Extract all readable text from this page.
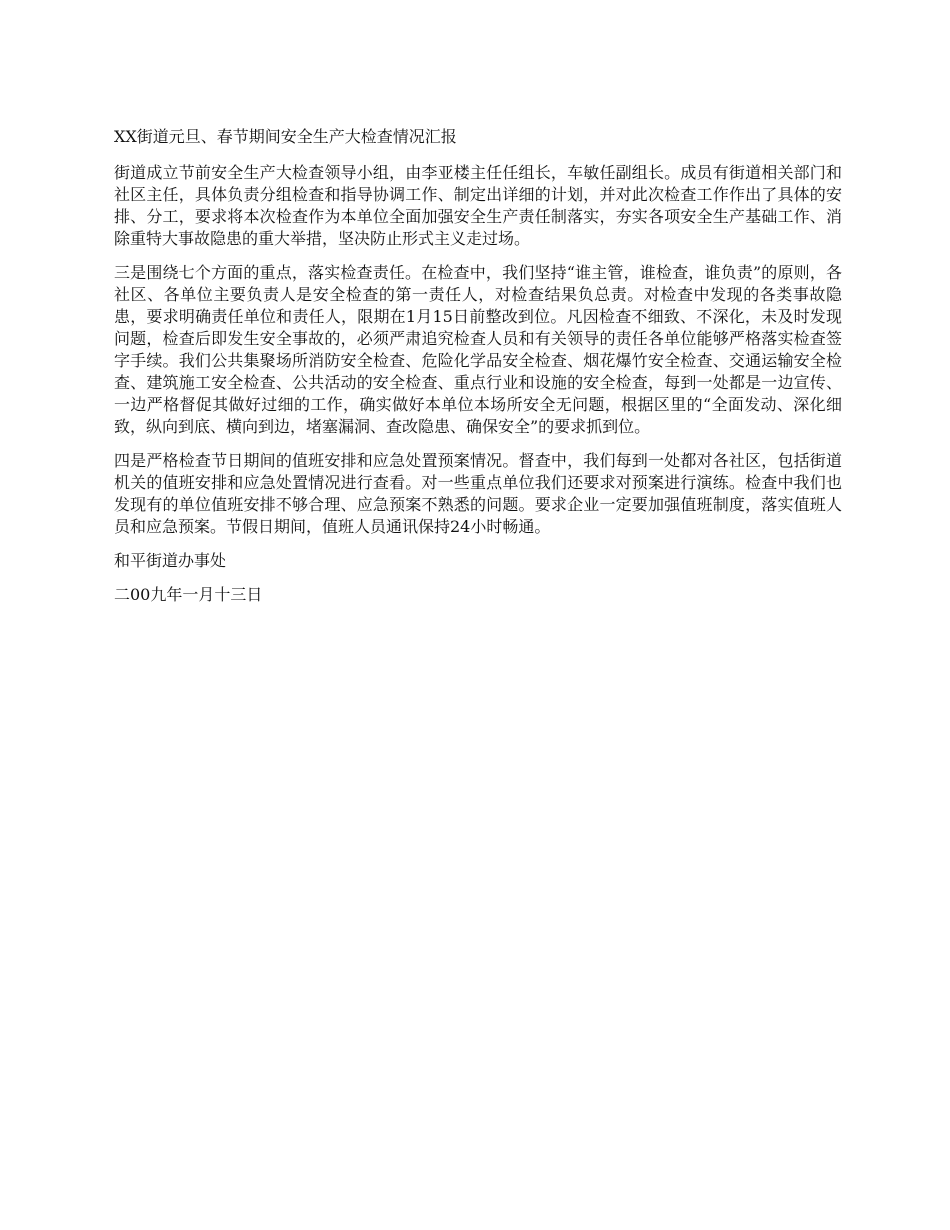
XX街道元旦、春节期间安全生产大检查情况汇报

街道成立节前安全生产大检查领导小组，由李亚楼主任任组长，车敏任副组长。成员有街道相关部门和社区主任，具体负责分组检查和指导协调工作、制定出详细的计划，并对此次检查工作作出了具体的安排、分工，要求将本次检查作为本单位全面加强安全生产责任制落实，夯实各项安全生产基础工作、消除重特大事故隐患的重大举措，坚决防止形式主义走过场。

三是围绕七个方面的重点，落实检查责任。在检查中，我们坚持“谁主管，谁检查，谁负责”的原则，各社区、各单位主要负责人是安全检查的第一责任人，对检查结果负总责。对检查中发现的各类事故隐患，要求明确责任单位和责任人，限期在1月15日前整改到位。凡因检查不细致、不深化，未及时发现问题，检查后即发生安全事故的，必须严肃追究检查人员和有关领导的责任各单位能够严格落实检查签字手续。我们公共集聚场所消防安全检查、危险化学品安全检查、烟花爆竹安全检查、交通运输安全检查、建筑施工安全检查、公共活动的安全检查、重点行业和设施的安全检查，每到一处都是一边宣传、一边严格督促其做好过细的工作，确实做好本单位本场所安全无问题，根据区里的“全面发动、深化细致，纵向到底、横向到边，堵塞漏洞、查改隐患、确保安全”的要求抓到位。

四是严格检查节日期间的值班安排和应急处置预案情况。督查中，我们每到一处都对各社区，包括街道机关的值班安排和应急处置情况进行查看。对一些重点单位我们还要求对预案进行演练。检查中我们也发现有的单位值班安排不够合理、应急预案不熟悉的问题。要求企业一定要加强值班制度，落实值班人员和应急预案。节假日期间，值班人员通讯保持24小时畅通。

和平街道办事处

二00九年一月十三日
